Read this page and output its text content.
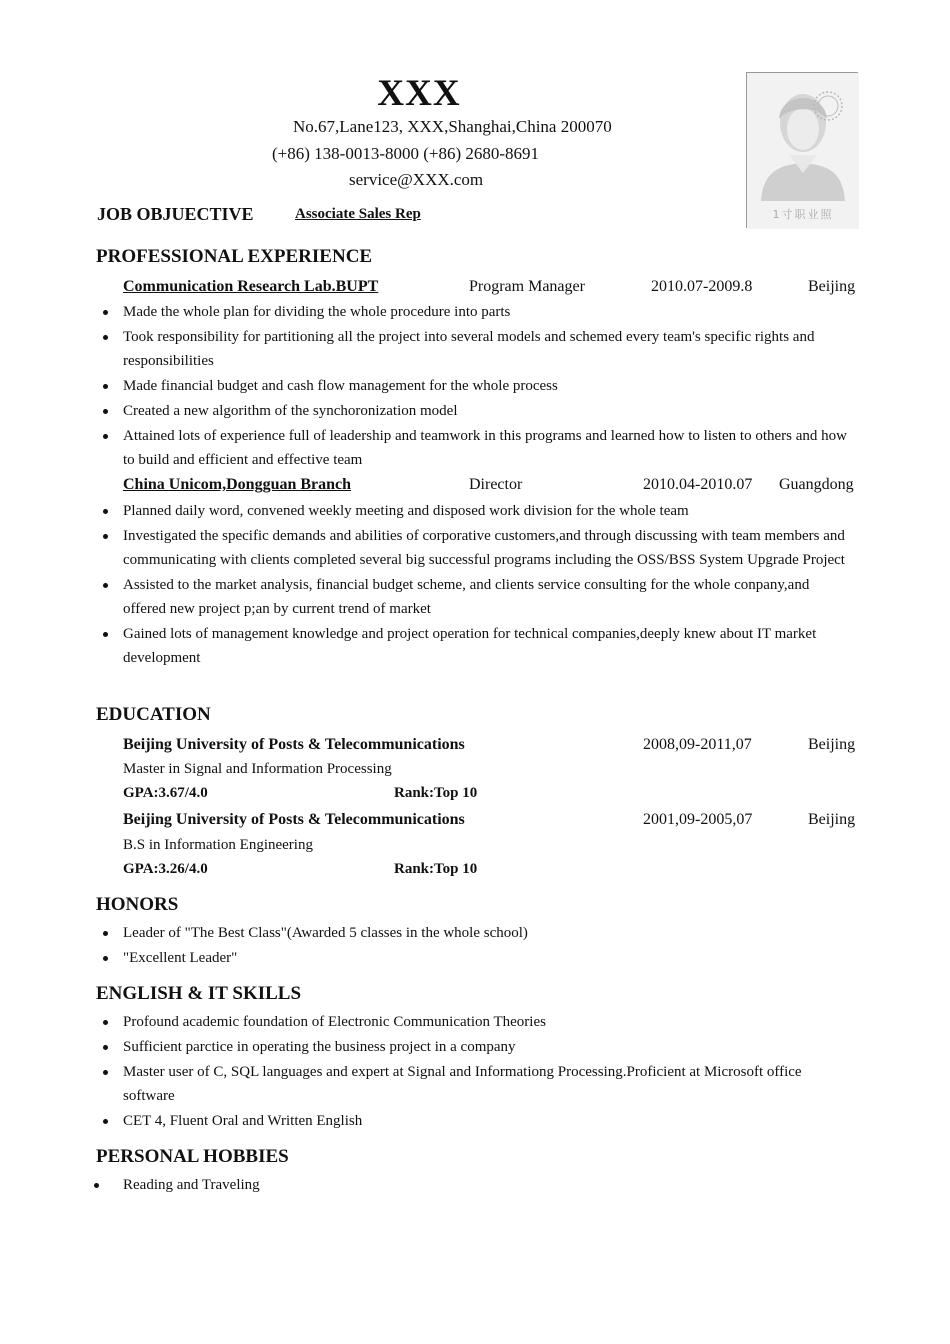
XXX
No.67,Lane123, XXX,Shanghai,China 200070
(+86) 138-0013-8000 (+86) 2680-8691
service@XXX.com
1寸职业照
JOB OBJUECTIVE	Associate Sales Rep
PROFESSIONAL EXPERIENCE
Communication Research Lab.BUPT	Program Manager	2010.07-2009.8	Beijing
Made the whole plan for dividing the whole procedure into parts
Took responsibility for partitioning all the project into several models and schemed every team's specific rights and responsibilities
Made financial budget and cash flow management for the whole process
Created a new algorithm of the synchoronization model
Attained lots of experience full of leadership and teamwork in this programs and learned how to listen to others and how to build and efficient and effective team
China Unicom,Dongguan Branch	Director	2010.04-2010.07 Guangdong
Planned daily word, convened weekly meeting and disposed work division for the whole team
Investigated the specific demands and abilities of corporative customers,and through discussing with team members and communicating with clients completed several big successful programs including the OSS/BSS System Upgrade Project
Assisted to the market analysis, financial budget scheme, and clients service consulting for the whole conpany,and offered new project p;an by current trend of market
Gained lots of management knowledge and project operation for technical companies,deeply knew about IT market development
EDUCATION
Beijing University of Posts & Telecommunications	2008,09-2011,07	Beijing
Master in Signal and Information Processing
GPA:3.67/4.0	Rank:Top 10
Beijing University of Posts & Telecommunications	2001,09-2005,07	Beijing
B.S in Information Engineering
GPA:3.26/4.0	Rank:Top 10
HONORS
Leader of "The Best Class"(Awarded 5 classes in the whole school)
"Excellent Leader"
ENGLISH & IT SKILLS
Profound academic foundation of Electronic Communication Theories
Sufficient parctice in operating the business project in a company
Master user of C, SQL languages and expert at Signal and Informationg Processing.Proficient at Microsoft office software
CET 4, Fluent Oral and Written English
PERSONAL HOBBIES
Reading and Traveling
